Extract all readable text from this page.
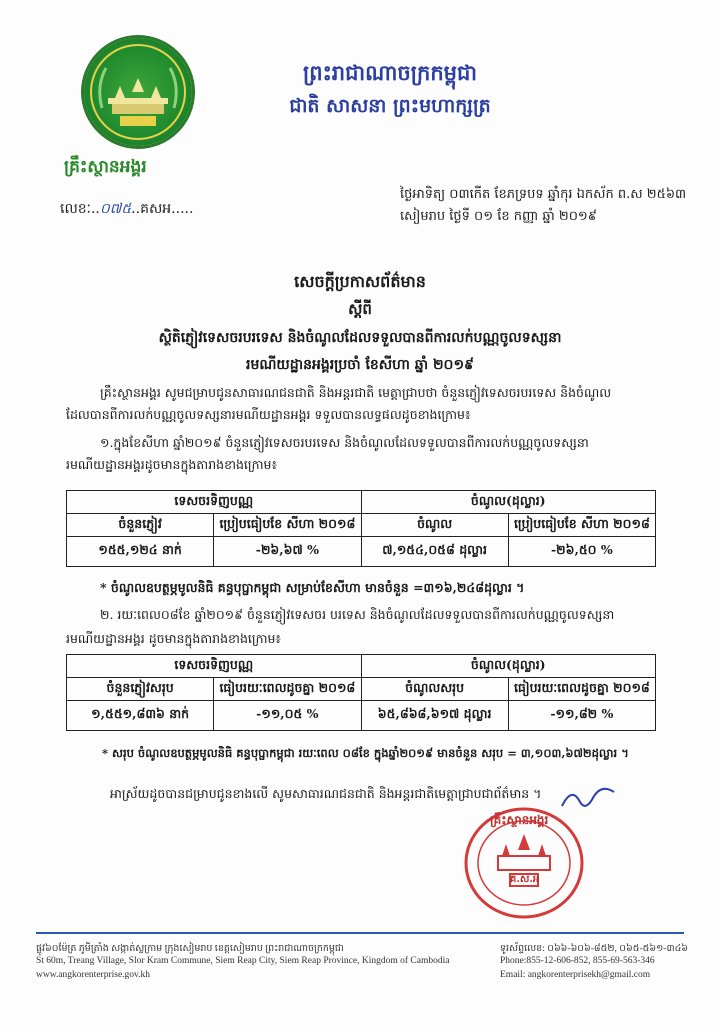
គ្រឹះស្ថានអង្គរ
លេខៈ..០៧៥..គសអ.....
ព្រះរាជាណាចក្រកម្ពុជា
ជាតិ សាសនា ព្រះមហាក្សត្រ
ថ្ងៃអាទិត្យ ០៣កើត ខែភទ្របទ ឆ្នាំកុរ ឯកស័ក ព.ស ២៥៦៣
សៀមរាប ថ្ងៃទី ០១ ខែ កញ្ញា ឆ្នាំ ២០១៩
សេចក្តីប្រកាសព័ត៌មាន
ស្តីពី
ស្ថិតិភ្ញៀវទេសចរបរទេស និងចំណូលដែលទទួលបានពីការលក់បណ្ណចូលទស្សនា
រមណីយដ្ឋានអង្គរប្រចាំ ខែសីហា ឆ្នាំ ២០១៩
គ្រឹះស្ថានអង្គរ សូមជម្រាបជូនសាធារណជនជាតិ និងអន្តរជាតិ មេត្តាជ្រាបថា ចំនួនភ្ញៀវទេសចរបរទេស និងចំណូល
ដែលបានពីការលក់បណ្ណចូលទស្សនារមណីយដ្ឋានអង្គរ ទទួលបានលទ្ធផលដូចខាងក្រោម៖
១.ក្នុងខែសីហា ឆ្នាំ២០១៩ ចំនួនភ្ញៀវទេសចរបរទេស និងចំណូលដែលទទួលបានពីការលក់បណ្ណចូលទស្សនា
រមណីយដ្ឋានអង្គរដូចមានក្នុងតារាងខាងក្រោម៖
ទេសចរទិញបណ្ណ		ចំណូល(ដុល្លារ)	
ចំនួនភ្ញៀវ	ប្រៀបធៀបខែ សីហា ២០១៨	ចំណូល	ប្រៀបធៀបខែ សីហា ២០១៨
១៥៥,១២៤ នាក់	-២៦,៦៧ %	៧,១៥៤,០៥៨ ដុល្លារ	-២៦,៥០ %
* ចំណូលឧបត្ថម្ភមូលនិធិ គន្ធបុប្ផាកម្ពុជា សម្រាប់ខែសីហា មានចំនួន =៣១៦,២៤៨ដុល្លារ ។
២. រយៈពេល០៨ខែ ឆ្នាំ២០១៩ ចំនួនភ្ញៀវទេសចរ បរទេស និងចំណូលដែលទទួលបានពីការលក់បណ្ណចូលទស្សនា
រមណីយដ្ឋានអង្គរ ដូចមានក្នុងតារាងខាងក្រោម៖
ទេសចរទិញបណ្ណ		ចំណូល(ដុល្លារ)	
ចំនួនភ្ញៀវសរុប	ធៀបរយៈពេលដូចគ្នា ២០១៨	ចំណូលសរុប	ធៀបរយៈពេលដូចគ្នា ២០១៨
១,៥៥១,៨៣៦ នាក់	-១១,០៥ %	៦៥,៨៦៨,៦១៧ ដុល្លារ	-១១,៨២ %
* សរុប ចំណូលឧបត្ថម្ភមូលនិធិ គន្ធបុប្ផាកម្ពុជា រយៈពេល ០៨ខែ ក្នុងឆ្នាំ២០១៩ មានចំនួន សរុប = ៣,១០៣,៦៧២ដុល្លារ ។
អាស្រ័យដូចបានជម្រាបជូនខាងលើ សូមសាធារណជនជាតិ និងអន្តរជាតិមេត្តាជ្រាបជាព័ត៌មាន ។
គ្រឹះស្ថានអង្គរ
គ.ស.អ
ផ្លូវ៦០ម៉ែត្រ ភូមិត្រាំង សង្កាត់ស្លក្រាម ក្រុងសៀមរាប ខេត្តសៀមរាប ព្រះរាជាណាចក្រកម្ពុជា
St 60m, Treang Village, Slor Kram Commune, Siem Reap City, Siem Reap Province, Kingdom of Cambodia
www.angkorenterprise.gov.kh
ទូរស័ព្ទលេខ: ០៦៦-៦០៦-៨៥២, ០៦៥-៥៦១-៣៤៦
Phone:855-12-606-852, 855-69-563-346
Email: angkorenterprisekh@gmail.com
